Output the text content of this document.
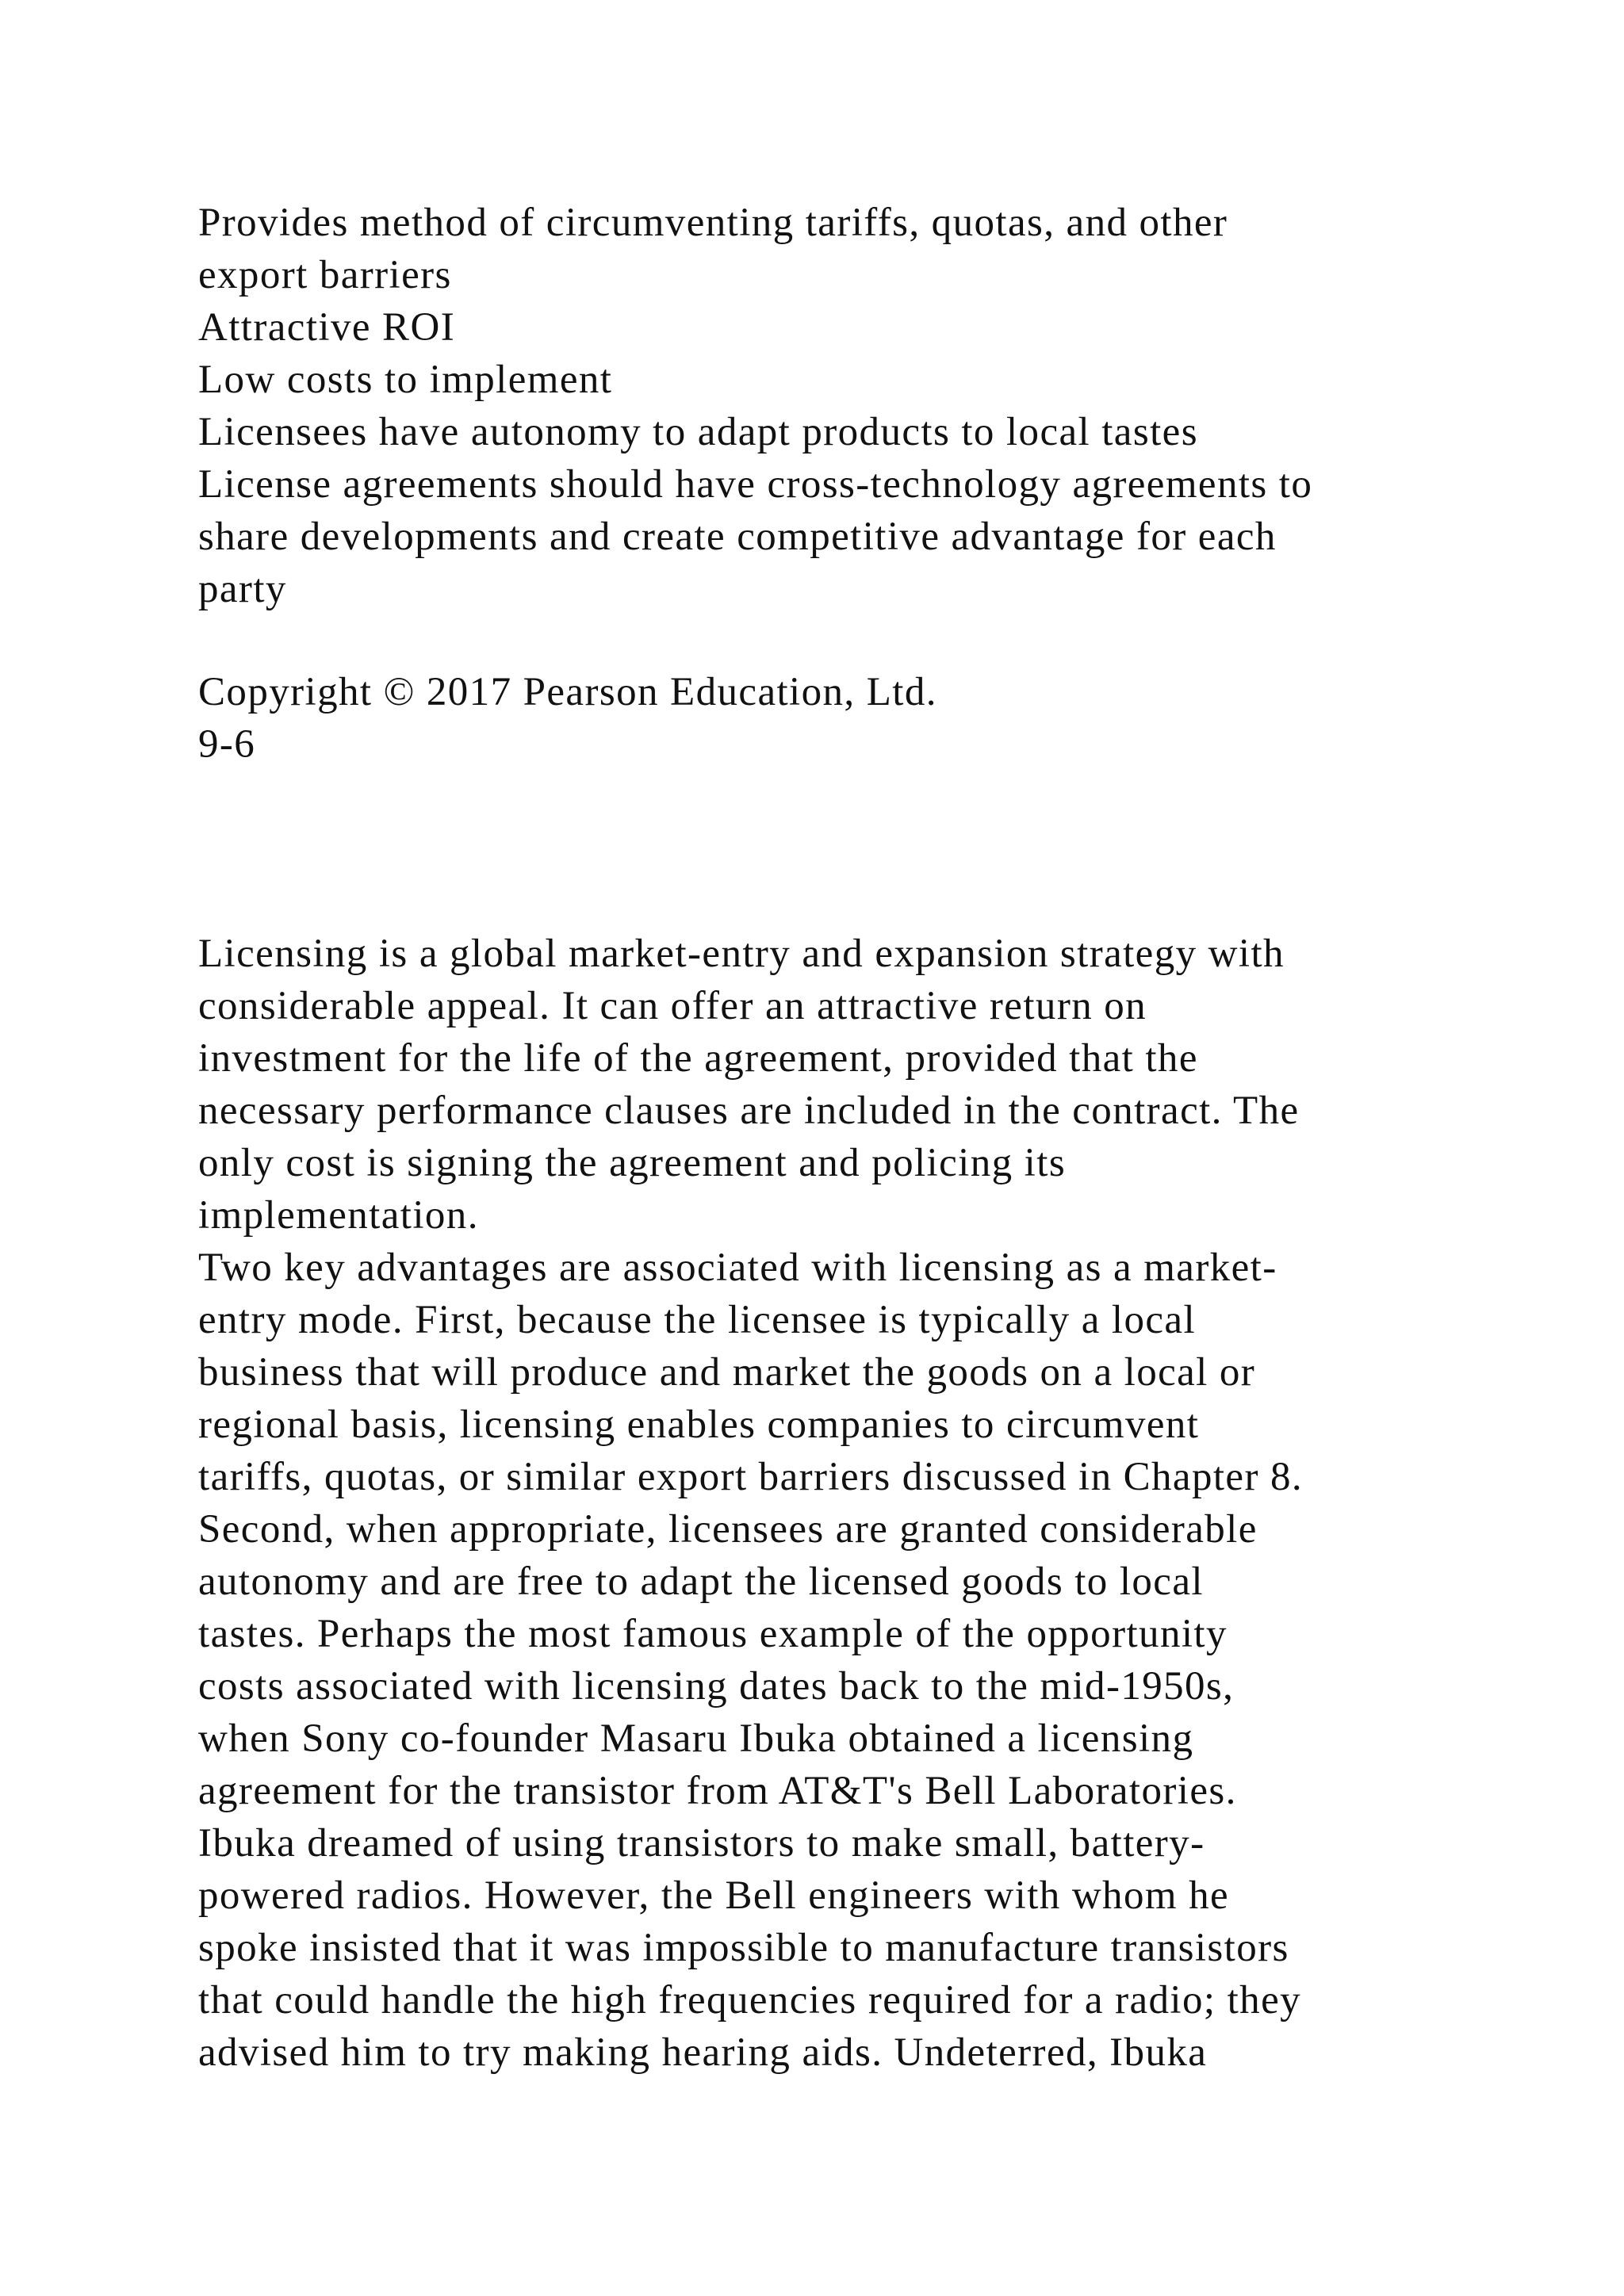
Provides method of circumventing tariffs, quotas, and other
export barriers
Attractive ROI
Low costs to implement
Licensees have autonomy to adapt products to local tastes
License agreements should have cross-technology agreements to
share developments and create competitive advantage for each
party
Copyright © 2017 Pearson Education, Ltd.
9-6
Licensing is a global market-entry and expansion strategy with
considerable appeal. It can offer an attractive return on
investment for the life of the agreement, provided that the
necessary performance clauses are included in the contract. The
only cost is signing the agreement and policing its
implementation.
Two key advantages are associated with licensing as a market-
entry mode. First, because the licensee is typically a local
business that will produce and market the goods on a local or
regional basis, licensing enables companies to circumvent
tariffs, quotas, or similar export barriers discussed in Chapter 8.
Second, when appropriate, licensees are granted considerable
autonomy and are free to adapt the licensed goods to local
tastes. Perhaps the most famous example of the opportunity
costs associated with licensing dates back to the mid-1950s,
when Sony co-founder Masaru Ibuka obtained a licensing
agreement for the transistor from AT&T's Bell Laboratories.
Ibuka dreamed of using transistors to make small, battery-
powered radios. However, the Bell engineers with whom he
spoke insisted that it was impossible to manufacture transistors
that could handle the high frequencies required for a radio; they
advised him to try making hearing aids. Undeterred, Ibuka
